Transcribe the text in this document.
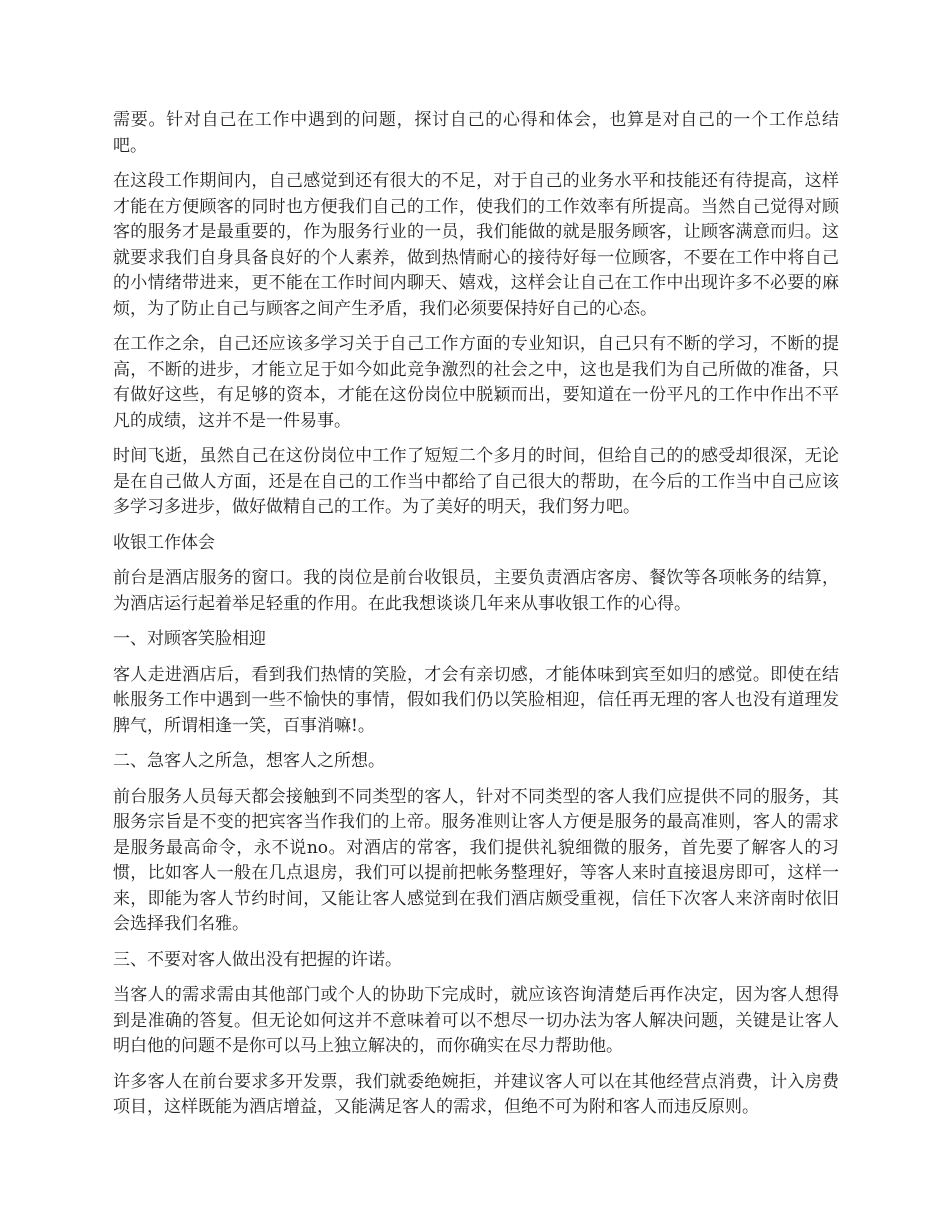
需要。针对自己在工作中遇到的问题，探讨自己的心得和体会，也算是对自己的一个工作总结吧。

在这段工作期间内，自己感觉到还有很大的不足，对于自己的业务水平和技能还有待提高，这样才能在方便顾客的同时也方便我们自己的工作，使我们的工作效率有所提高。当然自己觉得对顾客的服务才是最重要的，作为服务行业的一员，我们能做的就是服务顾客，让顾客满意而归。这就要求我们自身具备良好的个人素养，做到热情耐心的接待好每一位顾客，不要在工作中将自己的小情绪带进来，更不能在工作时间内聊天、嬉戏，这样会让自己在工作中出现许多不必要的麻烦，为了防止自己与顾客之间产生矛盾，我们必须要保持好自己的心态。

在工作之余，自己还应该多学习关于自己工作方面的专业知识，自己只有不断的学习，不断的提高，不断的进步，才能立足于如今如此竞争激烈的社会之中，这也是我们为自己所做的准备，只有做好这些，有足够的资本，才能在这份岗位中脱颖而出，要知道在一份平凡的工作中作出不平凡的成绩，这并不是一件易事。

时间飞逝，虽然自己在这份岗位中工作了短短二个多月的时间，但给自己的的感受却很深，无论是在自己做人方面，还是在自己的工作当中都给了自己很大的帮助，在今后的工作当中自己应该多学习多进步，做好做精自己的工作。为了美好的明天，我们努力吧。

收银工作体会

前台是酒店服务的窗口。我的岗位是前台收银员，主要负责酒店客房、餐饮等各项帐务的结算，为酒店运行起着举足轻重的作用。在此我想谈谈几年来从事收银工作的心得。

一、对顾客笑脸相迎

客人走进酒店后，看到我们热情的笑脸，才会有亲切感，才能体味到宾至如归的感觉。即使在结帐服务工作中遇到一些不愉快的事情，假如我们仍以笑脸相迎，信任再无理的客人也没有道理发脾气，所谓相逢一笑，百事消嘛!。

二、急客人之所急，想客人之所想。

前台服务人员每天都会接触到不同类型的客人，针对不同类型的客人我们应提供不同的服务，其服务宗旨是不变的把宾客当作我们的上帝。服务准则让客人方便是服务的最高准则，客人的需求是服务最高命令，永不说no。对酒店的常客，我们提供礼貌细微的服务，首先要了解客人的习惯，比如客人一般在几点退房，我们可以提前把帐务整理好，等客人来时直接退房即可，这样一来，即能为客人节约时间，又能让客人感觉到在我们酒店颇受重视，信任下次客人来济南时依旧会选择我们名雅。

三、不要对客人做出没有把握的许诺。

当客人的需求需由其他部门或个人的协助下完成时，就应该咨询清楚后再作决定，因为客人想得到是准确的答复。但无论如何这并不意味着可以不想尽一切办法为客人解决问题，关键是让客人明白他的问题不是你可以马上独立解决的，而你确实在尽力帮助他。

许多客人在前台要求多开发票，我们就委绝婉拒，并建议客人可以在其他经营点消费，计入房费项目，这样既能为酒店增益，又能满足客人的需求，但绝不可为附和客人而违反原则。
